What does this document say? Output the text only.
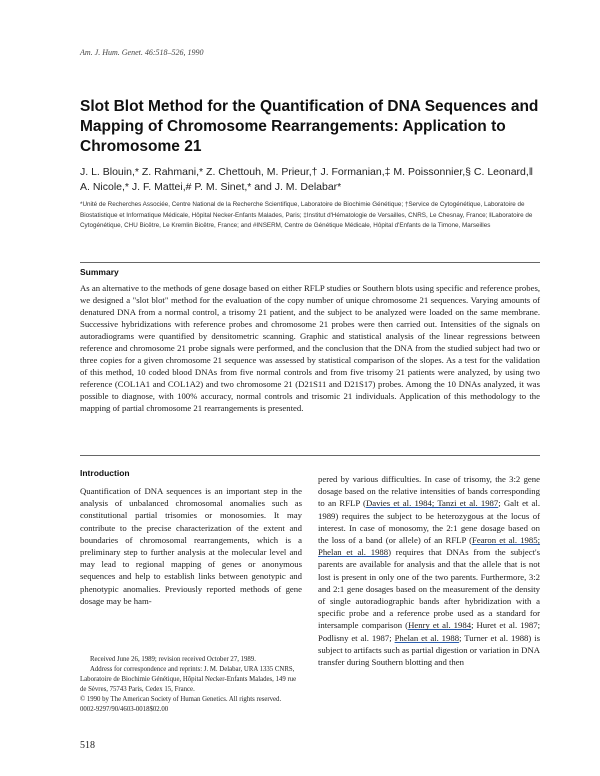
Am. J. Hum. Genet. 46:518–526, 1990
Slot Blot Method for the Quantification of DNA Sequences and Mapping of Chromosome Rearrangements: Application to Chromosome 21

J. L. Blouin,* Z. Rahmani,* Z. Chettouh, M. Prieur,† J. Formanian,‡ M. Poissonnier,§ C. Leonard,‖ A. Nicole,* J. F. Mattei,# P. M. Sinet,* and J. M. Delabar*

*Unité de Recherches Associée, Centre National de la Recherche Scientifique, Laboratoire de Biochimie Génétique; †Service de Cytogénétique, Laboratoire de Biostatistique et Informatique Médicale, Hôpital Necker-Enfants Malades, Paris; ‡Institut d'Hématologie de Versailles, CNRS, Le Chesnay, France; ‖Laboratoire de Cytogénétique, CHU Bicêtre, Le Kremlin Bicêtre, France; and #INSERM, Centre de Génétique Médicale, Hôpital d'Enfants de la Timone, Marseilles

Summary

As an alternative to the methods of gene dosage based on either RFLP studies or Southern blots using specific and reference probes, we designed a "slot blot" method for the evaluation of the copy number of unique chromosome 21 sequences. Varying amounts of denatured DNA from a normal control, a trisomy 21 patient, and the subject to be analyzed were loaded on the same membrane. Successive hybridizations with reference probes and chromosome 21 probes were then carried out. Intensities of the signals on autoradiograms were quantified by densitometric scanning. Graphic and statistical analysis of the linear regressions between reference and chromosome 21 probe signals were performed, and the conclusion that the DNA from the studied subject had two or three copies for a given chromosome 21 sequence was assessed by statistical comparison of the slopes. As a test for the validation of this method, 10 coded blood DNAs from five normal controls and from five trisomy 21 patients were analyzed, by using two reference (COL1A1 and COL1A2) and two chromosome 21 (D21S11 and D21S17) probes. Among the 10 DNAs analyzed, it was possible to diagnose, with 100% accuracy, normal controls and trisomic 21 individuals. Application of this methodology to the mapping of partial chromosome 21 rearrangements is presented.

Introduction

Quantification of DNA sequences is an important step in the analysis of unbalanced chromosomal anomalies such as constitutional partial trisomies or monosomies. It may contribute to the precise characterization of the extent and boundaries of chromosomal rearrangements, which is a preliminary step to further analysis at the molecular level and may lead to regional mapping of genes or anonymous sequences and help to establish links between genotypic and phenotypic anomalies. Previously reported methods of gene dosage may be ham-

pered by various difficulties. In case of trisomy, the 3:2 gene dosage based on the relative intensities of bands corresponding to an RFLP (Davies et al. 1984; Tanzi et al. 1987; Galt et al. 1989) requires the subject to be heterozygous at the locus of interest. In case of monosomy, the 2:1 gene dosage based on the loss of a band (or allele) of an RFLP (Fearon et al. 1985; Phelan et al. 1988) requires that DNAs from the subject's parents are available for analysis and that the allele that is not lost is present in only one of the two parents. Furthermore, 3:2 and 2:1 gene dosages based on the measurement of the density of single autoradiographic bands after hybridization with a specific probe and a reference probe used as a standard for intersample comparison (Henry et al. 1984; Huret et al. 1987; Podlisny et al. 1987; Phelan et al. 1988; Turner et al. 1988) is subject to artifacts such as partial digestion or variation in DNA transfer during Southern blotting and then

Received June 26, 1989; revision received October 27, 1989.

Address for correspondence and reprints: J. M. Delabar, URA 1335 CNRS, Laboratoire de Biochimie Génétique, Hôpital Necker-Enfants Malades, 149 rue de Sèvres, 75743 Paris, Cedex 15, France.

© 1990 by The American Society of Human Genetics. All rights reserved.

0002-9297/90/4603-0018$02.00

518
